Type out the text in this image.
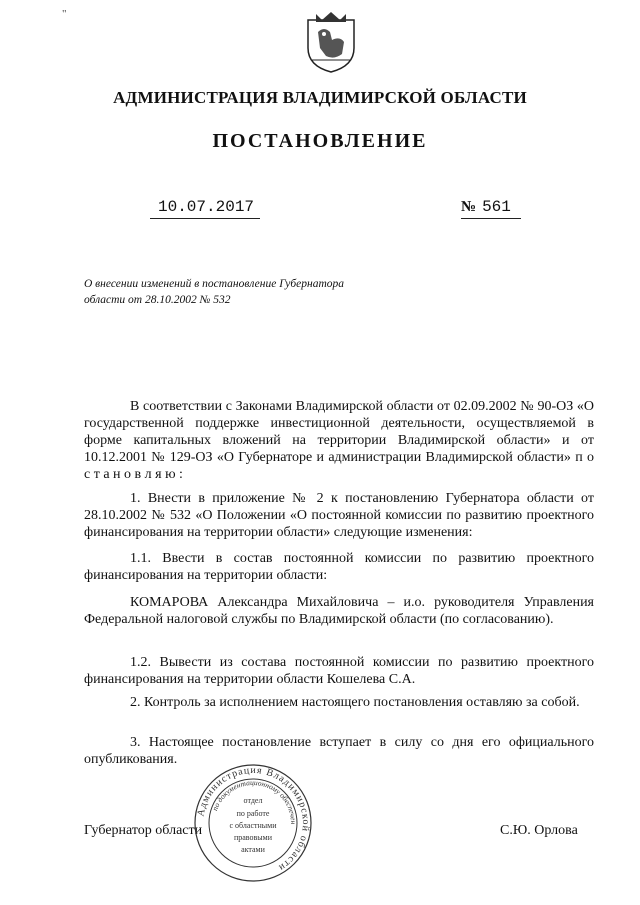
"
АДМИНИСТРАЦИЯ ВЛАДИМИРСКОЙ ОБЛАСТИ
ПОСТАНОВЛЕНИЕ
10.07.2017	№ 561
О внесении изменений в постановление Губернатора области от 28.10.2002 № 532
В соответствии с Законами Владимирской области от 02.09.2002 № 90-ОЗ «О государственной поддержке инвестиционной деятельности, осуществляемой в форме капитальных вложений на территории Владимирской области» и от 10.12.2001 № 129-ОЗ «О Губернаторе и администрации Владимирской области» п о с т а н о в л я ю :
1. Внести в приложение № 2 к постановлению Губернатора области от 28.10.2002 № 532 «О Положении «О постоянной комиссии по развитию проектного финансирования на территории области» следующие изменения:
1.1. Ввести в состав постоянной комиссии по развитию проектного финансирования на территории области:
КОМАРОВА Александра Михайловича – и.о. руководителя Управления Федеральной налоговой службы по Владимирской области (по согласованию).
1.2. Вывести из состава постоянной комиссии по развитию проектного финансирования на территории области Кошелева С.А.
2. Контроль за исполнением настоящего постановления оставляю за собой.
3. Настоящее постановление вступает в силу со дня его официального опубликования.
Губернатор области	С.Ю. Орлова
Администрация Владимирской области
по документационному обеспечен
отдел
по работе
с областными
правовыми
актами
